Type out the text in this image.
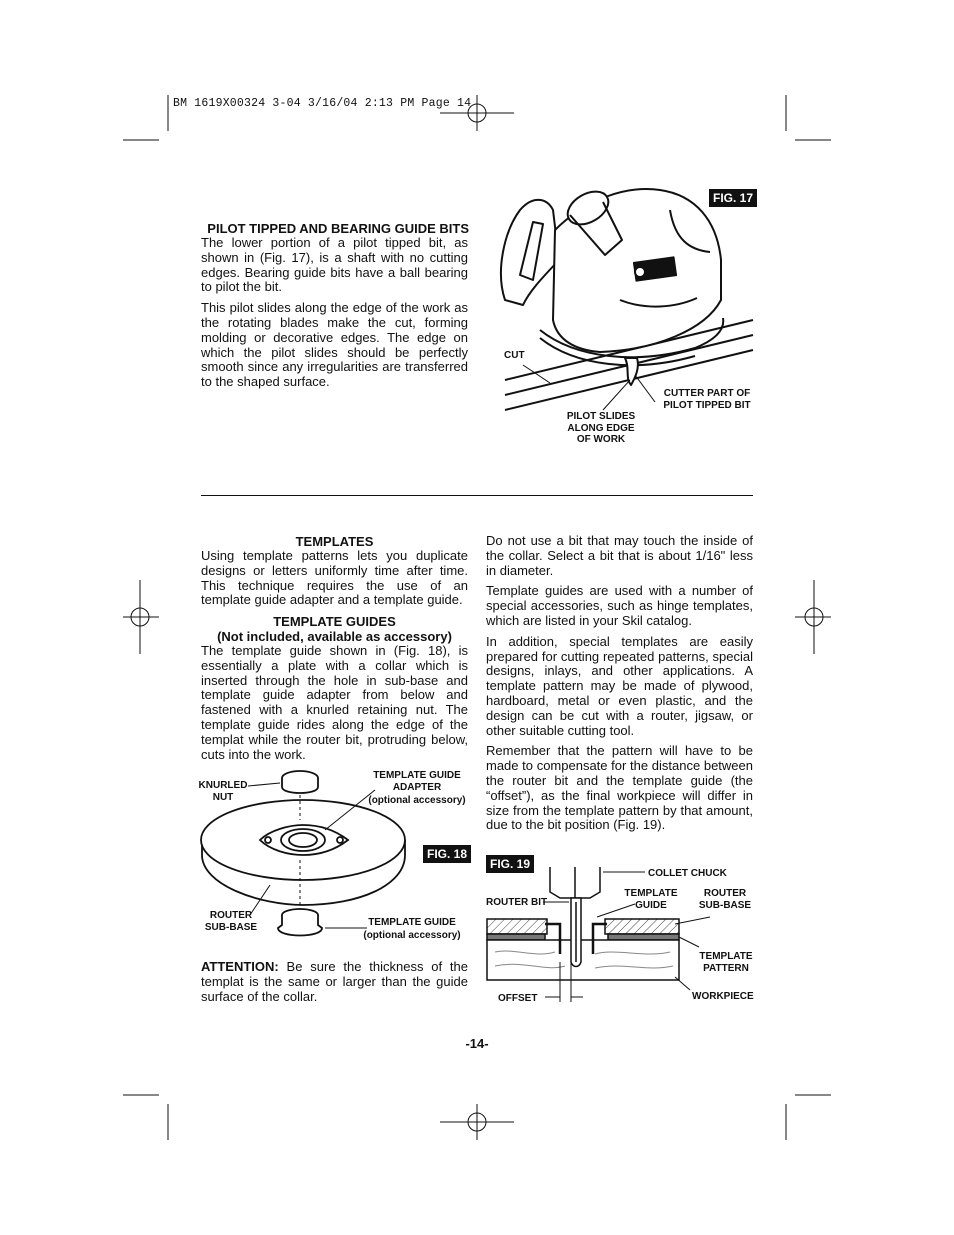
BM 1619X00324 3-04 3/16/04 2:13 PM Page 14
PILOT TIPPED AND BEARING GUIDE BITS

The lower portion of a pilot tipped bit, as shown in (Fig. 17), is a shaft with no cutting edges. Bearing guide bits have a ball bearing to pilot the bit.

This pilot slides along the edge of the work as the rotating blades make the cut, forming molding or decorative edges. The edge on which the pilot slides should be perfectly smooth since any irregularities are transferred to the shaped surface.

FIG. 17
CUT
CUTTER PART OF PILOT TIPPED BIT
PILOT SLIDES ALONG EDGE OF WORK
TEMPLATES
Using template patterns lets you duplicate designs or letters uniformly time after time. This technique requires the use of an template guide adapter and a template guide.
TEMPLATE GUIDES
(Not included, available as accessory)
The template guide shown in (Fig. 18), is essentially a plate with a collar which is inserted through the hole in sub-base and template guide adapter from below and fastened with a knurled retaining nut. The template guide rides along the edge of the templat while the router bit, protruding below, cuts into the work.
FIG. 18
KNURLED NUT
TEMPLATE GUIDE ADAPTER
(optional accessory)
ROUTER SUB-BASE	TEMPLATE GUIDE
(optional accessory)
ATTENTION: Be sure the thickness of the templat is the same or larger than the guide surface of the collar.

Do not use a bit that may touch the inside of the collar. Select a bit that is about 1/16" less in diameter.

Template guides are used with a number of special accessories, such as hinge templates, which are listed in your Skil catalog.

In addition, special templates are easily prepared for cutting repeated patterns, special designs, inlays, and other applications. A template pattern may be made of plywood, hardboard, metal or even plastic, and the design can be cut with a router, jigsaw, or other suitable cutting tool.

Remember that the pattern will have to be made to compensate for the distance between the router bit and the template guide (the “offset”), as the final workpiece will differ in size from the template pattern by that amount, due to the bit position (Fig. 19).

FIG. 19
COLLET CHUCK
ROUTER BIT
TEMPLATE GUIDE
ROUTER SUB-BASE
TEMPLATE PATTERN
WORKPIECE
OFFSET
-14-
